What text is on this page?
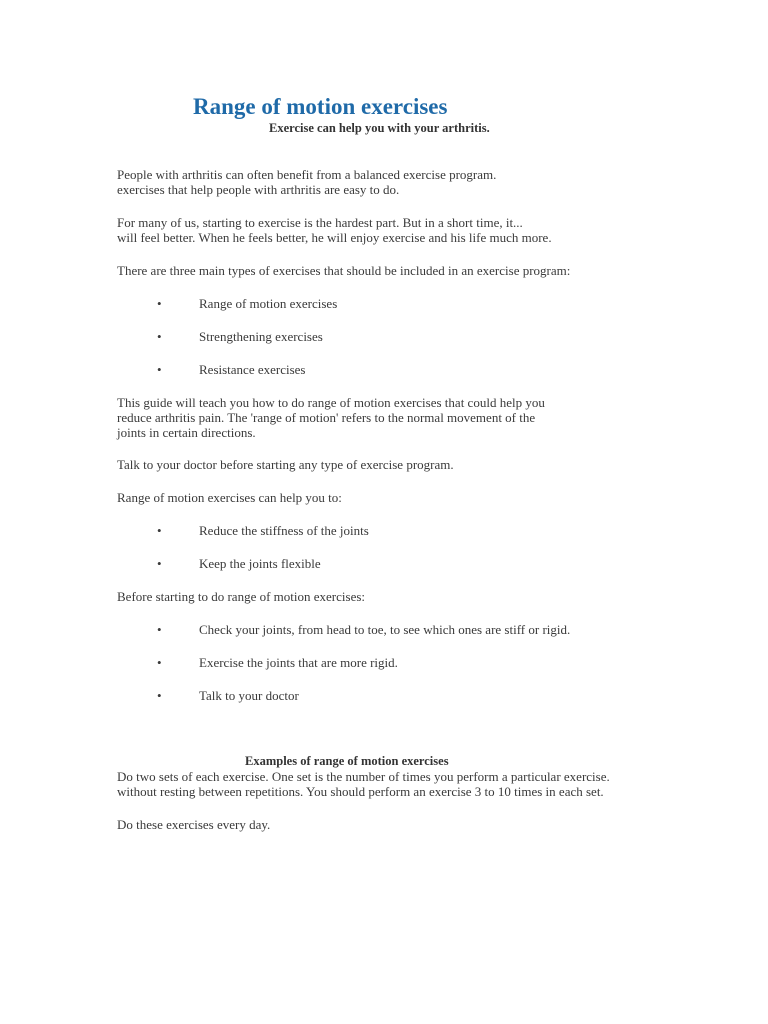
Range of motion exercises
Exercise can help you with your arthritis.
People with arthritis can often benefit from a balanced exercise program.
exercises that help people with arthritis are easy to do.
For many of us, starting to exercise is the hardest part. But in a short time, it...
will feel better. When he feels better, he will enjoy exercise and his life much more.
There are three main types of exercises that should be included in an exercise program:
•	Range of motion exercises
•	Strengthening exercises
•	Resistance exercises
This guide will teach you how to do range of motion exercises that could help you
reduce arthritis pain. The 'range of motion' refers to the normal movement of the
joints in certain directions.
Talk to your doctor before starting any type of exercise program.
Range of motion exercises can help you to:
•	Reduce the stiffness of the joints
•	Keep the joints flexible
Before starting to do range of motion exercises:
•	Check your joints, from head to toe, to see which ones are stiff or rigid.
•	Exercise the joints that are more rigid.
•	Talk to your doctor
Examples of range of motion exercises
Do two sets of each exercise. One set is the number of times you perform a particular exercise.
without resting between repetitions. You should perform an exercise 3 to 10 times in each set.
Do these exercises every day.
